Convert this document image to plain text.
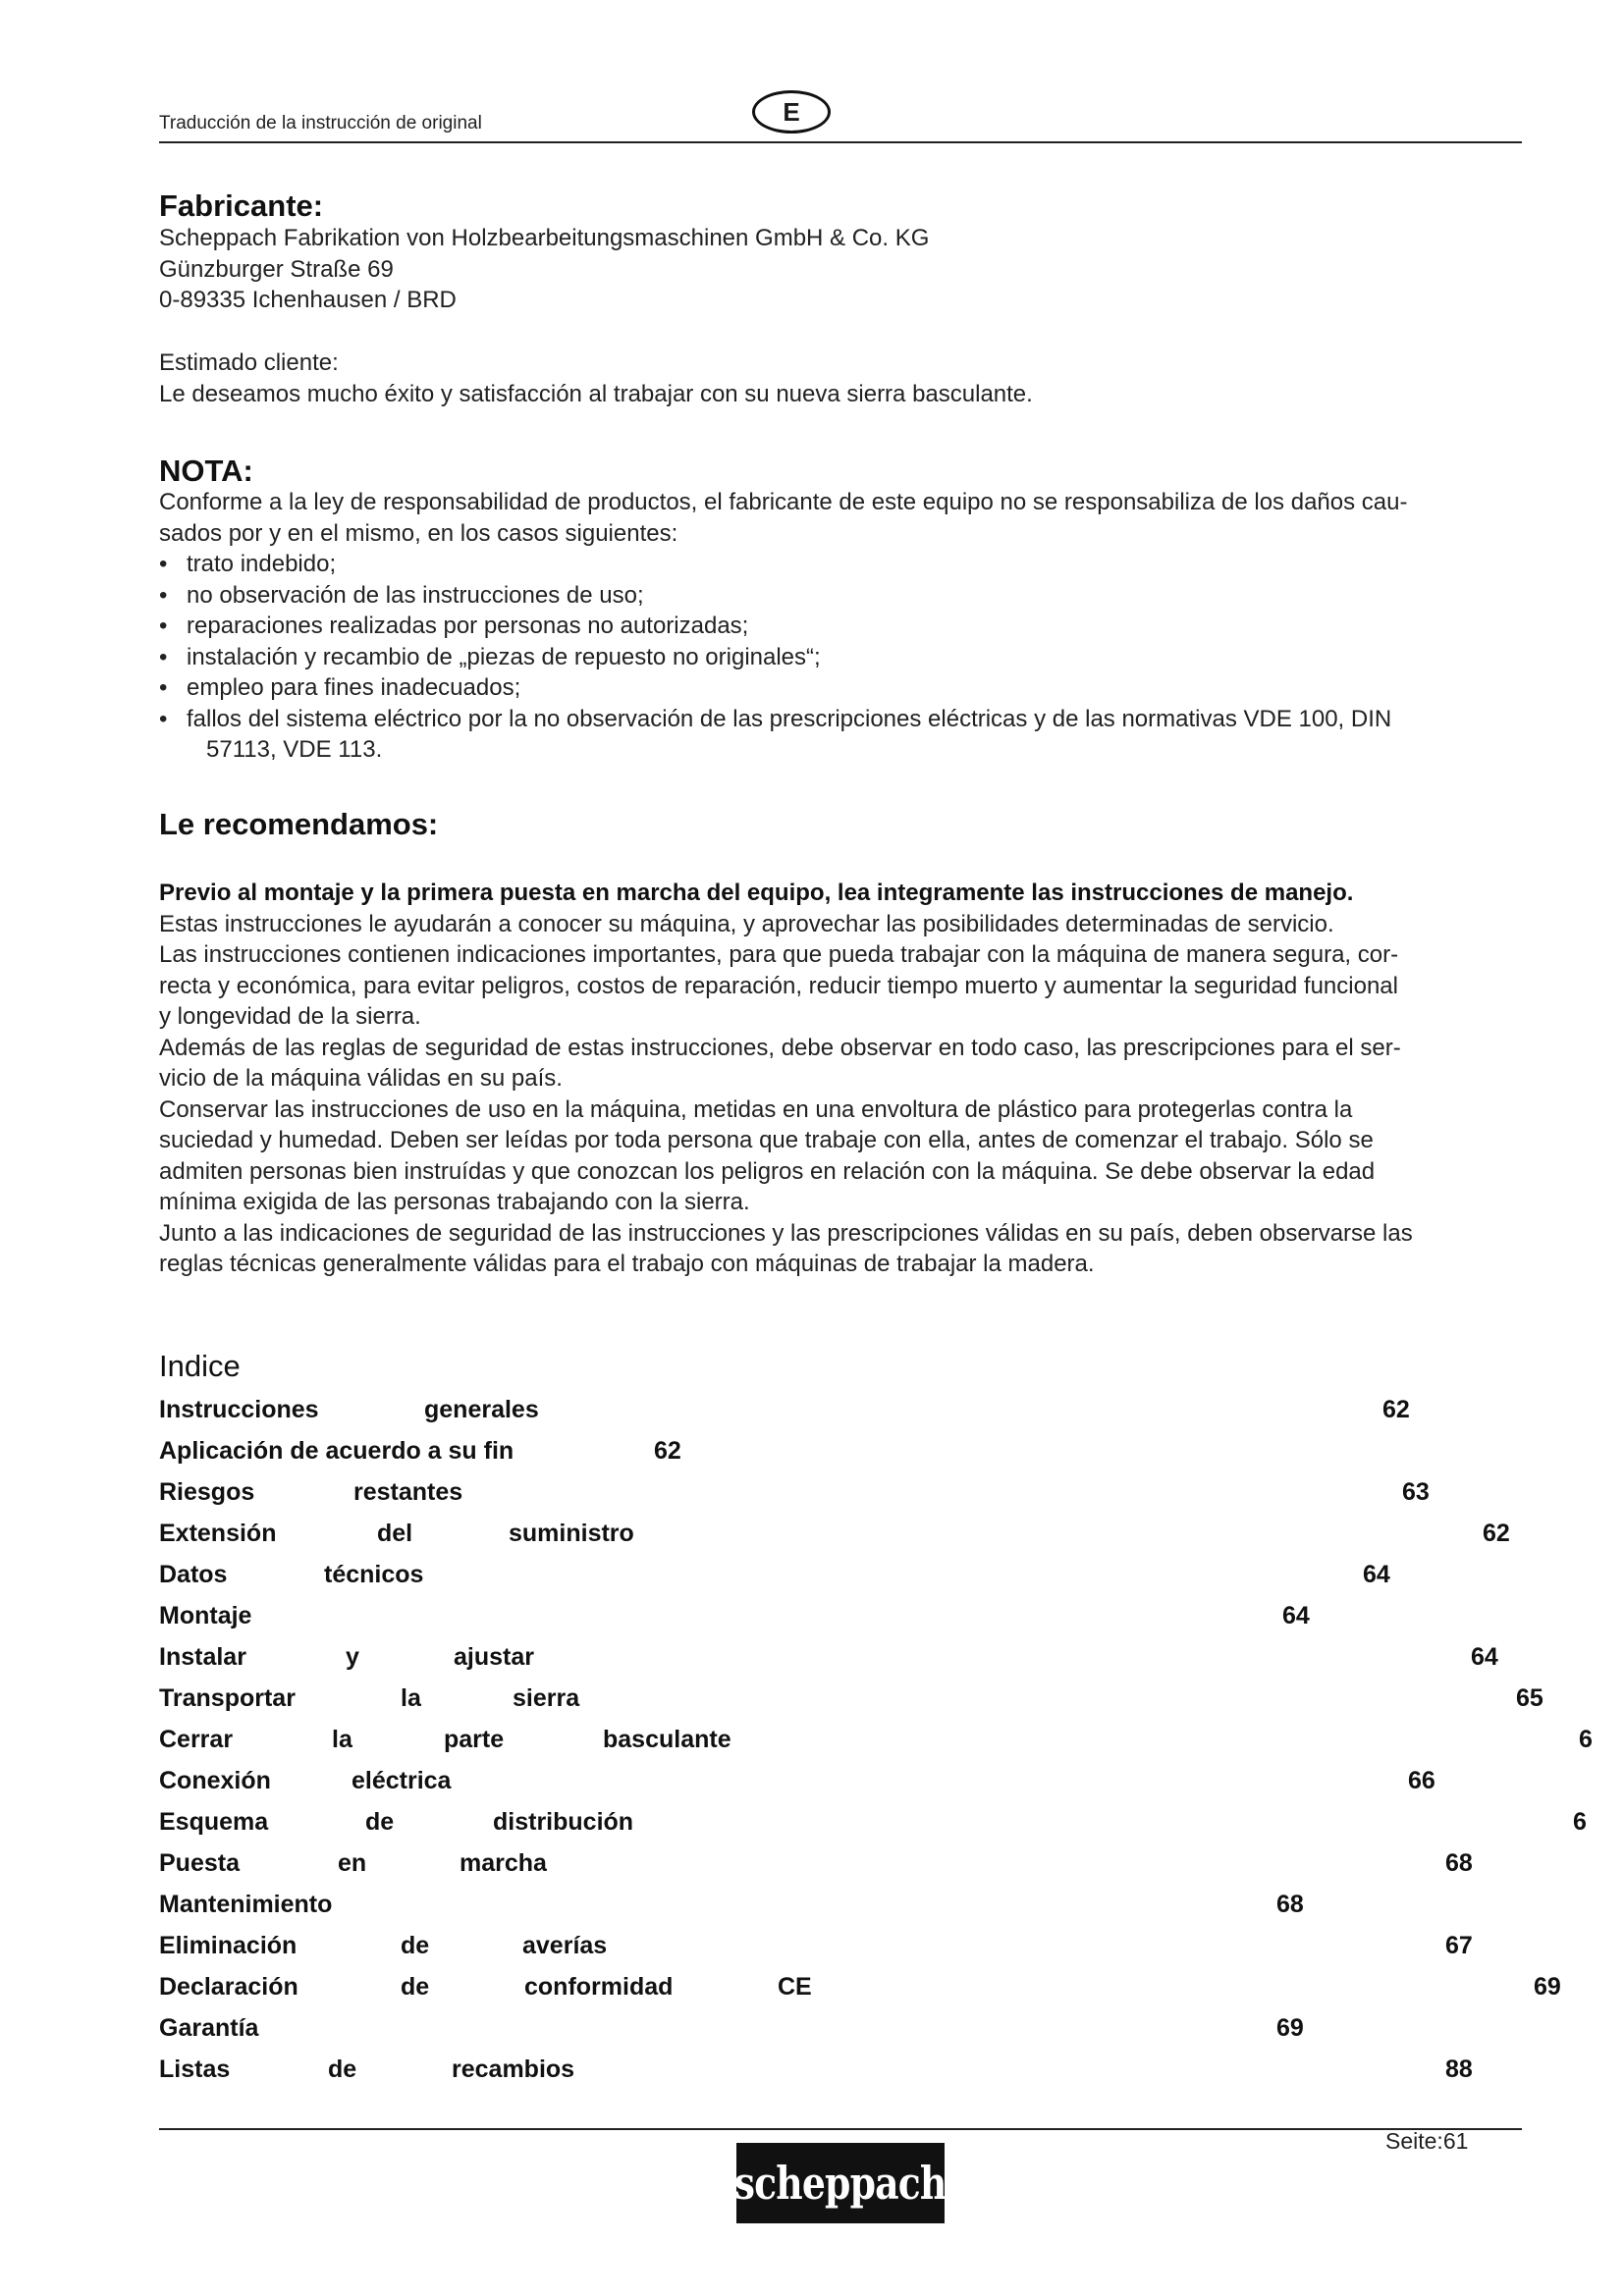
Traducción de la instrucción de original	E
Fabricante:

Scheppach Fabrikation von Holzbearbeitungsmaschinen GmbH & Co. KG

Günzburger Straße 69

0-89335 Ichenhausen / BRD

Estimado cliente:

Le deseamos mucho éxito y satisfacción al trabajar con su nueva sierra basculante.

NOTA:

Conforme a la ley de responsabilidad de productos, el fabricante de este equipo no se responsabiliza de los daños cau-

sados por y en el mismo, en los casos siguientes:

• trato indebido;
• no observación de las instrucciones de uso;
• reparaciones realizadas por personas no autorizadas;
• instalación y recambio de „piezas de repuesto no originales“;
• empleo para fines inadecuados;
• fallos del sistema eléctrico por la no observación de las prescripciones eléctricas y de las normativas VDE 100, DIN
57113, VDE 113.
Le recomendamos:

Previo al montaje y la primera puesta en marcha del equipo, lea integramente las instrucciones de manejo.

Estas instrucciones le ayudarán a conocer su máquina, y aprovechar las posibilidades determinadas de servicio.

Las instrucciones contienen indicaciones importantes, para que pueda trabajar con la máquina de manera segura, cor-

recta y económica, para evitar peligros, costos de reparación, reducir tiempo muerto y aumentar la seguridad funcional

y longevidad de la sierra.

Además de las reglas de seguridad de estas instrucciones, debe observar en todo caso, las prescripciones para el ser-

vicio de la máquina válidas en su país.

Conservar las instrucciones de uso en la máquina, metidas en una envoltura de plástico para protegerlas contra la

suciedad y humedad. Deben ser leídas por toda persona que trabaje con ella, antes de comenzar el trabajo. Sólo se

admiten personas bien instruídas y que conozcan los peligros en relación con la máquina. Se debe observar la edad

mínima exigida de las personas trabajando con la sierra.

Junto a las indicaciones de seguridad de las instrucciones y las prescripciones válidas en su país, deben observarse las

reglas técnicas generalmente válidas para el trabajo con máquinas de trabajar la madera.

Indice
Instrucciones	generales	62
Aplicación de acuerdo a su fin	62
Riesgos	restantes	63
Extensión	del	suministro	62
Datos	técnicos	64
Montaje	64
Instalar	y	ajustar	64
Transportar	la	sierra	65
Cerrar	la	parte	basculante	6
Conexión	eléctrica	66
Esquema	de	distribución	6
Puesta	en	marcha	68
Mantenimiento	68
Eliminación	de	averías	67
Declaración	de	conformidad	CE	69
Garantía	69
Listas	de	recambios	88
Seite:61
scheppach
